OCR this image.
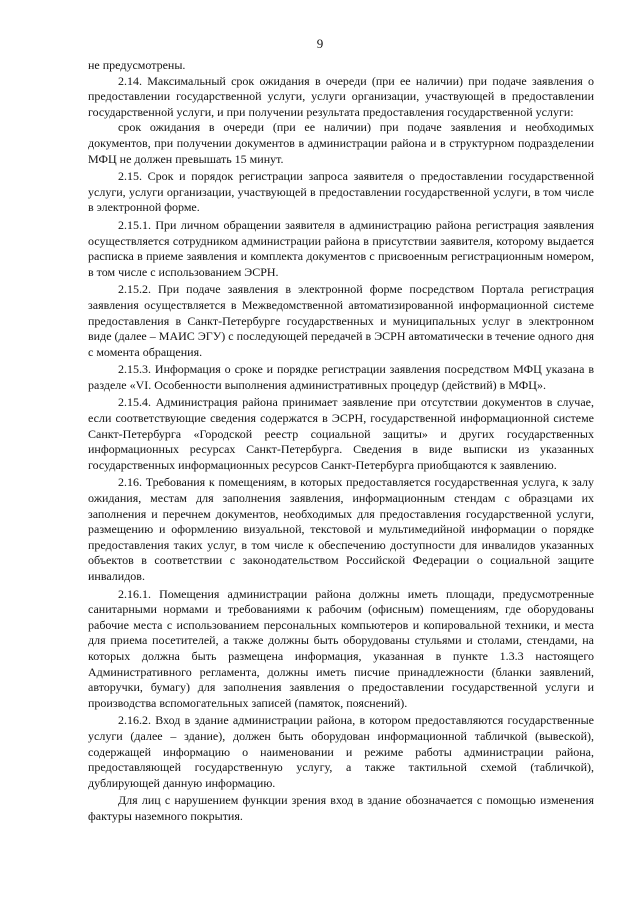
9

не предусмотрены.

2.14. Максимальный срок ожидания в очереди (при ее наличии) при подаче заявления о предоставлении государственной услуги, услуги организации, участвующей в предоставлении государственной услуги, и при получении результата предоставления государственной услуги:

срок ожидания в очереди (при ее наличии) при подаче заявления и необходимых документов, при получении документов в администрации района и в структурном подразделении МФЦ не должен превышать 15 минут.

2.15. Срок и порядок регистрации запроса заявителя о предоставлении государственной услуги, услуги организации, участвующей в предоставлении государственной услуги, в том числе в электронной форме.

2.15.1. При личном обращении заявителя в администрацию района регистрация заявления осуществляется сотрудником администрации района в присутствии заявителя, которому выдается расписка в приеме заявления и комплекта документов с присвоенным регистрационным номером, в том числе с использованием ЭСРН.

2.15.2. При подаче заявления в электронной форме посредством Портала регистрация заявления осуществляется в Межведомственной автоматизированной информационной системе предоставления в Санкт-Петербурге государственных и муниципальных услуг в электронном виде (далее – МАИС ЭГУ) с последующей передачей в ЭСРН автоматически в течение одного дня с момента обращения.

2.15.3. Информация о сроке и порядке регистрации заявления посредством МФЦ указана в разделе «VI. Особенности выполнения административных процедур (действий) в МФЦ».

2.15.4. Администрация района принимает заявление при отсутствии документов в случае, если соответствующие сведения содержатся в ЭСРН, государственной информационной системе Санкт-Петербурга «Городской реестр социальной защиты» и других государственных информационных ресурсах Санкт-Петербурга. Сведения в виде выписки из указанных государственных информационных ресурсов Санкт-Петербурга приобщаются к заявлению.

2.16. Требования к помещениям, в которых предоставляется государственная услуга, к залу ожидания, местам для заполнения заявления, информационным стендам с образцами их заполнения и перечнем документов, необходимых для предоставления государственной услуги, размещению и оформлению визуальной, текстовой и мультимедийной информации о порядке предоставления таких услуг, в том числе к обеспечению доступности для инвалидов указанных объектов в соответствии с законодательством Российской Федерации о социальной защите инвалидов.

2.16.1. Помещения администрации района должны иметь площади, предусмотренные санитарными нормами и требованиями к рабочим (офисным) помещениям, где оборудованы рабочие места с использованием персональных компьютеров и копировальной техники, и места для приема посетителей, а также должны быть оборудованы стульями и столами, стендами, на которых должна быть размещена информация, указанная в пункте 1.3.3 настоящего Административного регламента, должны иметь писчие принадлежности (бланки заявлений, авторучки, бумагу) для заполнения заявления о предоставлении государственной услуги и производства вспомогательных записей (памяток, пояснений).

2.16.2. Вход в здание администрации района, в котором предоставляются государственные услуги (далее – здание), должен быть оборудован информационной табличкой (вывеской), содержащей информацию о наименовании и режиме работы администрации района, предоставляющей государственную услугу, а также тактильной схемой (табличкой), дублирующей данную информацию.

Для лиц с нарушением функции зрения вход в здание обозначается с помощью изменения фактуры наземного покрытия.
